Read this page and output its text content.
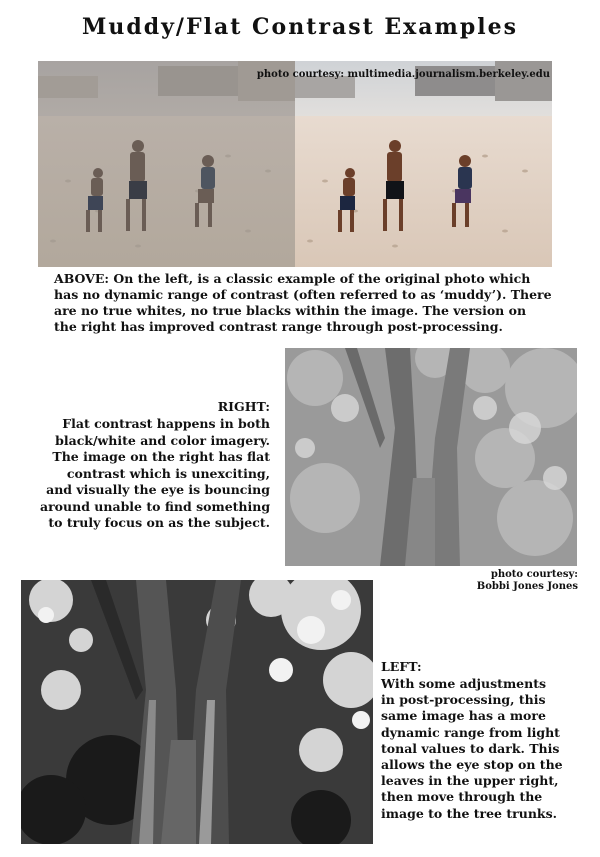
Muddy/Flat Contrast Examples
photo courtesy: multimedia.journalism.berkeley.edu
ABOVE: On the left, is a classic example of the original photo which
has no dynamic range of contrast (often referred to as ‘muddy’). There
are no true whites, no true blacks within the image. The version on
the right has improved contrast range through post-processing.
RIGHT:
Flat contrast happens in both
black/white and color imagery.
The image on the right has flat
contrast which is unexciting,
and visually the eye is bouncing
around unable to find something
to truly focus on as the subject.
photo courtesy:
Bobbi Jones Jones
LEFT:
With some adjustments
in post-processing, this
same image has a more
dynamic range from light
tonal values to dark. This
allows the eye stop on the
leaves in the upper right,
then move through the
image to the tree trunks.
